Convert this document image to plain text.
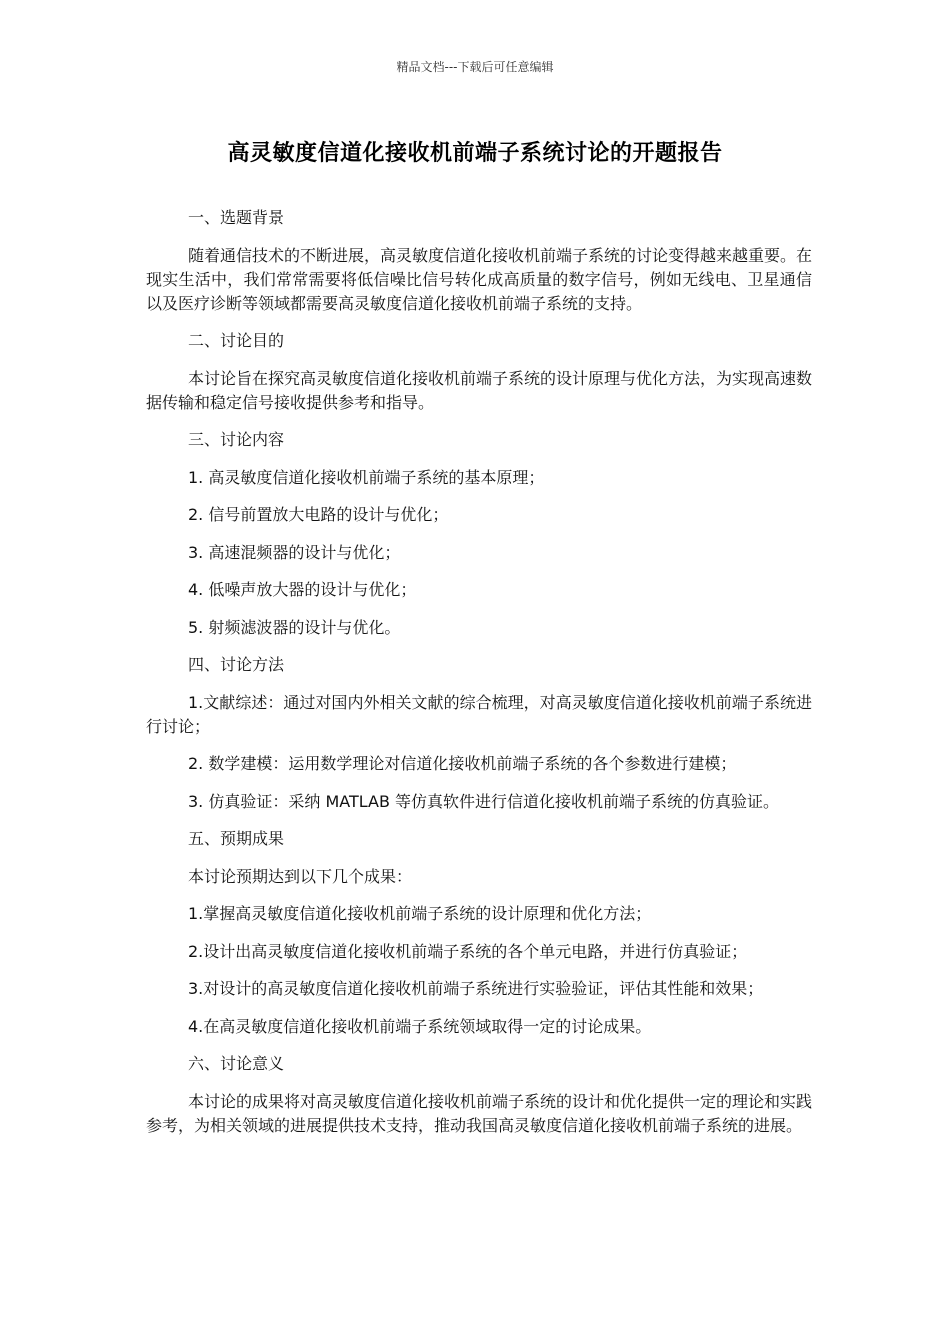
精品文档---下载后可任意编辑
高灵敏度信道化接收机前端子系统讨论的开题报告

一、选题背景

随着通信技术的不断进展，高灵敏度信道化接收机前端子系统的讨论变得越来越重要。在现实生活中，我们常常需要将低信噪比信号转化成高质量的数字信号，例如无线电、卫星通信以及医疗诊断等领域都需要高灵敏度信道化接收机前端子系统的支持。

二、讨论目的

本讨论旨在探究高灵敏度信道化接收机前端子系统的设计原理与优化方法，为实现高速数据传输和稳定信号接收提供参考和指导。

三、讨论内容

1. 高灵敏度信道化接收机前端子系统的基本原理；

2. 信号前置放大电路的设计与优化；

3. 高速混频器的设计与优化；

4. 低噪声放大器的设计与优化；

5. 射频滤波器的设计与优化。

四、讨论方法

1.文献综述：通过对国内外相关文献的综合梳理，对高灵敏度信道化接收机前端子系统进行讨论；

2. 数学建模：运用数学理论对信道化接收机前端子系统的各个参数进行建模；

3. 仿真验证：采纳 MATLAB 等仿真软件进行信道化接收机前端子系统的仿真验证。

五、预期成果

本讨论预期达到以下几个成果：

1.掌握高灵敏度信道化接收机前端子系统的设计原理和优化方法；

2.设计出高灵敏度信道化接收机前端子系统的各个单元电路，并进行仿真验证；

3.对设计的高灵敏度信道化接收机前端子系统进行实验验证，评估其性能和效果；

4.在高灵敏度信道化接收机前端子系统领域取得一定的讨论成果。

六、讨论意义

本讨论的成果将对高灵敏度信道化接收机前端子系统的设计和优化提供一定的理论和实践参考，为相关领域的进展提供技术支持，推动我国高灵敏度信道化接收机前端子系统的进展。
